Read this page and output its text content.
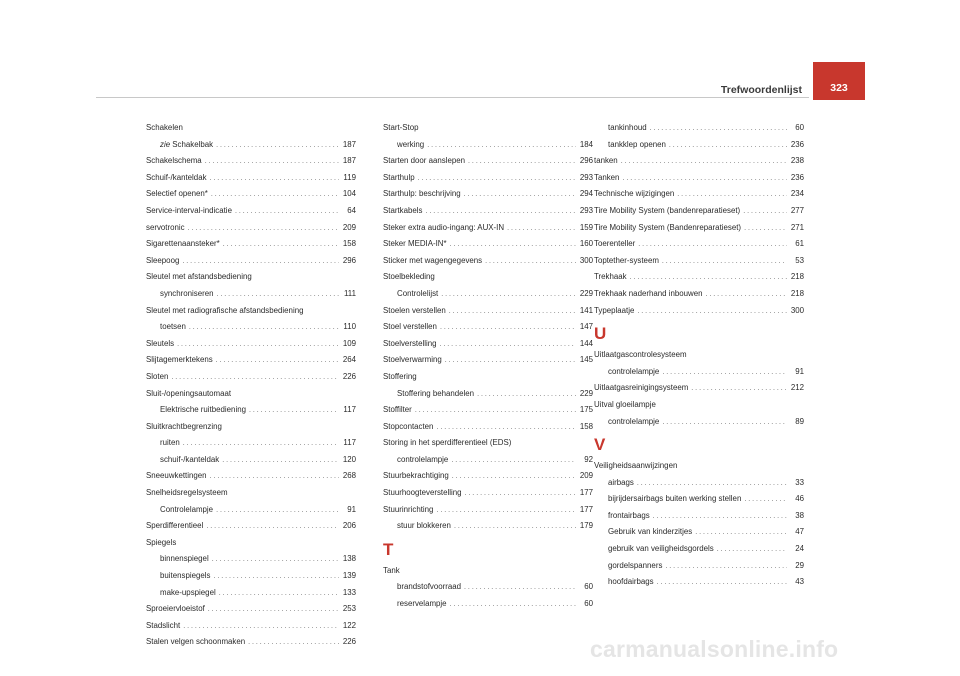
Trefwoordenlijst	323
Schakelen
zie Schakelbak . . .	187
Schakelschema . . .	187
Schuif-/kanteldak . . .	119
Selectief openen* . . .	104
Service-interval-indicatie . . .	64
servotronic . . .	209
Sigarettenaansteker* . . .	158
Sleepoog . . .	296
Sleutel met afstandsbediening
synchroniseren . . .	111
Sleutel met radiografische afstandsbediening
toetsen . . .	110
Sleutels . . .	109
Slijtagemerktekens . . .	264
Sloten . . .	226
Sluit-/openingsautomaat
Elektrische ruitbediening . . .	117
Sluitkrachtbegrenzing
ruiten . . .	117
schuif-/kanteldak . . .	120
Sneeuwkettingen . . .	268
Snelheidsregelsysteem
Controlelampje . . .	91
Sperdifferentieel . . .	206
Spiegels
binnenspiegel . . .	138
buitenspiegels . . .	139
make-upspiegel . . .	133
Sproeiervloeistof . . .	253
Stadslicht . . .	122
Stalen velgen schoonmaken . . .	226
Start-Stop
werking . . .	184
Starten door aanslepen . . .	296
Starthulp . . .	293
Starthulp: beschrijving . . .	294
Startkabels . . .	293
Steker extra audio-ingang: AUX-IN . . .	159
Steker MEDIA-IN* . . .	160
Sticker met wagengegevens . . .	300
Stoelbekleding
Controlelijst . . .	229
Stoelen verstellen . . .	141
Stoel verstellen . . .	147
Stoelverstelling . . .	144
Stoelverwarming . . .	145
Stoffering
Stoffering behandelen . . .	229
Stoffilter . . .	175
Stopcontacten . . .	158
Storing in het sperdifferentieel (EDS)
controlelampje . . .	92
Stuurbekrachtiging . . .	209
Stuurhoogteverstelling . . .	177
Stuurinrichting . . .	177
stuur blokkeren . . .	179
T
Tank
brandstofvoorraad . . .	60
reservelampje . . .	60
tankinhoud . . .	60
tankklep openen . . .	236
tanken . . .	238
Tanken . . .	236
Technische wijzigingen . . .	234
Tire Mobility System (bandenreparatieset) . . .	277
Tire Mobility System (Bandenreparatieset) . . .	271
Toerenteller . . .	61
Toptether-systeem . . .	53
Trekhaak . . .	218
Trekhaak naderhand inbouwen . . .	218
Typeplaatje . . .	300
U
Uitlaatgascontrolesysteem
controlelampje . . .	91
Uitlaatgasreinigingsysteem . . .	212
Uitval gloeilampje
controlelampje . . .	89
V
Veiligheidsaanwijzingen
airbags . . .	33
bijrijdersairbags buiten werking stellen . . .	46
frontairbags . . .	38
Gebruik van kinderzitjes . . .	47
gebruik van veiligheidsgordels . . .	24
gordelspanners . . .	29
hoofdairbags . . .	43
carmanualsonline.info
